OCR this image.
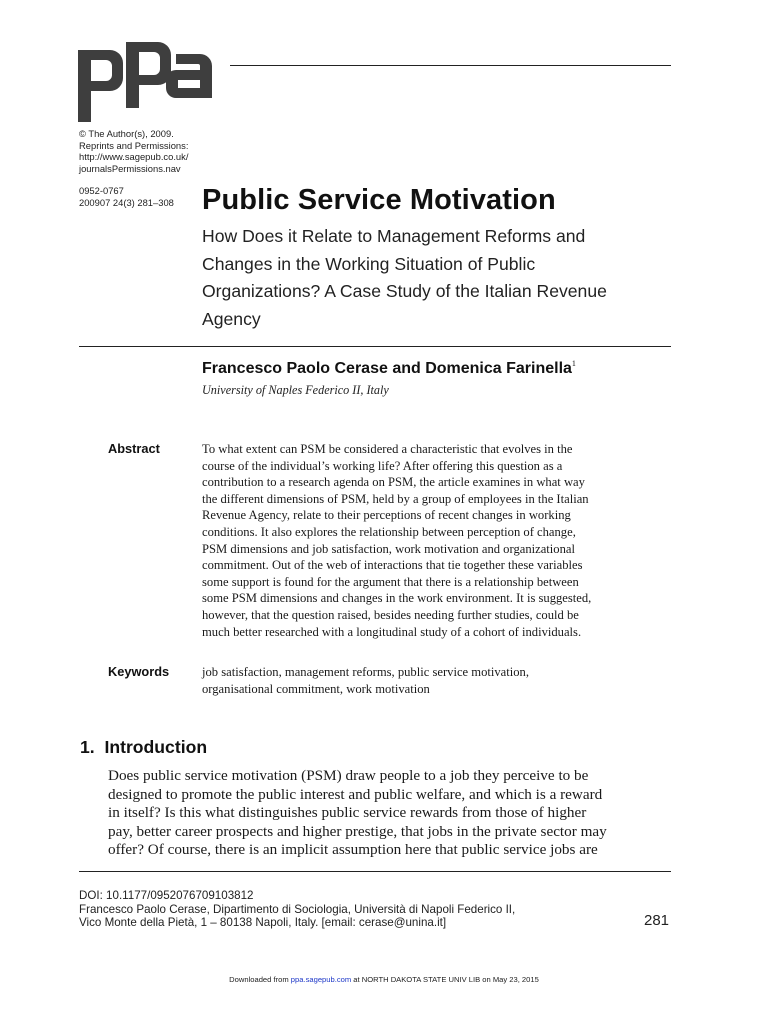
© The Author(s), 2009.
Reprints and Permissions:
http://www.sagepub.co.uk/
journalsPermissions.nav
0952-0767
200907 24(3) 281–308 Public Service Motivation
How Does it Relate to Management Reforms and Changes in the Working Situation of Public Organizations? A Case Study of the Italian Revenue Agency
Francesco Paolo Cerase and Domenica Farinella$^1$
University of Naples Federico II, Italy
Abstract	To what extent can PSM be considered a characteristic that evolves in the
course of the individual’s working life? After offering this question as a
contribution to a research agenda on PSM, the article examines in what way
the different dimensions of PSM, held by a group of employees in the Italian
Revenue Agency, relate to their perceptions of recent changes in working
conditions. It also explores the relationship between perception of change,
PSM dimensions and job satisfaction, work motivation and organizational
commitment. Out of the web of interactions that tie together these variables
some support is found for the argument that there is a relationship between
some PSM dimensions and changes in the work environment. It is suggested,
however, that the question raised, besides needing further studies, could be
much better researched with a longitudinal study of a cohort of individuals.
Keywords	job satisfaction, management reforms, public service motivation,
organisational commitment, work motivation
1. Introduction
Does public service motivation (PSM) draw people to a job they perceive to be
designed to promote the public interest and public welfare, and which is a reward
in itself? Is this what distinguishes public service rewards from those of higher
pay, better career prospects and higher prestige, that jobs in the private sector may
offer? Of course, there is an implicit assumption here that public service jobs are
DOI: 10.1177/0952076709103812
Francesco Paolo Cerase, Dipartimento di Sociologia, Università di Napoli Federico II,
Vico Monte della Pietà, 1 – 80138 Napoli, Italy. [email: cerase@unina.it]	281
Downloaded from ppa.sagepub.com at NORTH DAKOTA STATE UNIV LIB on May 23, 2015
